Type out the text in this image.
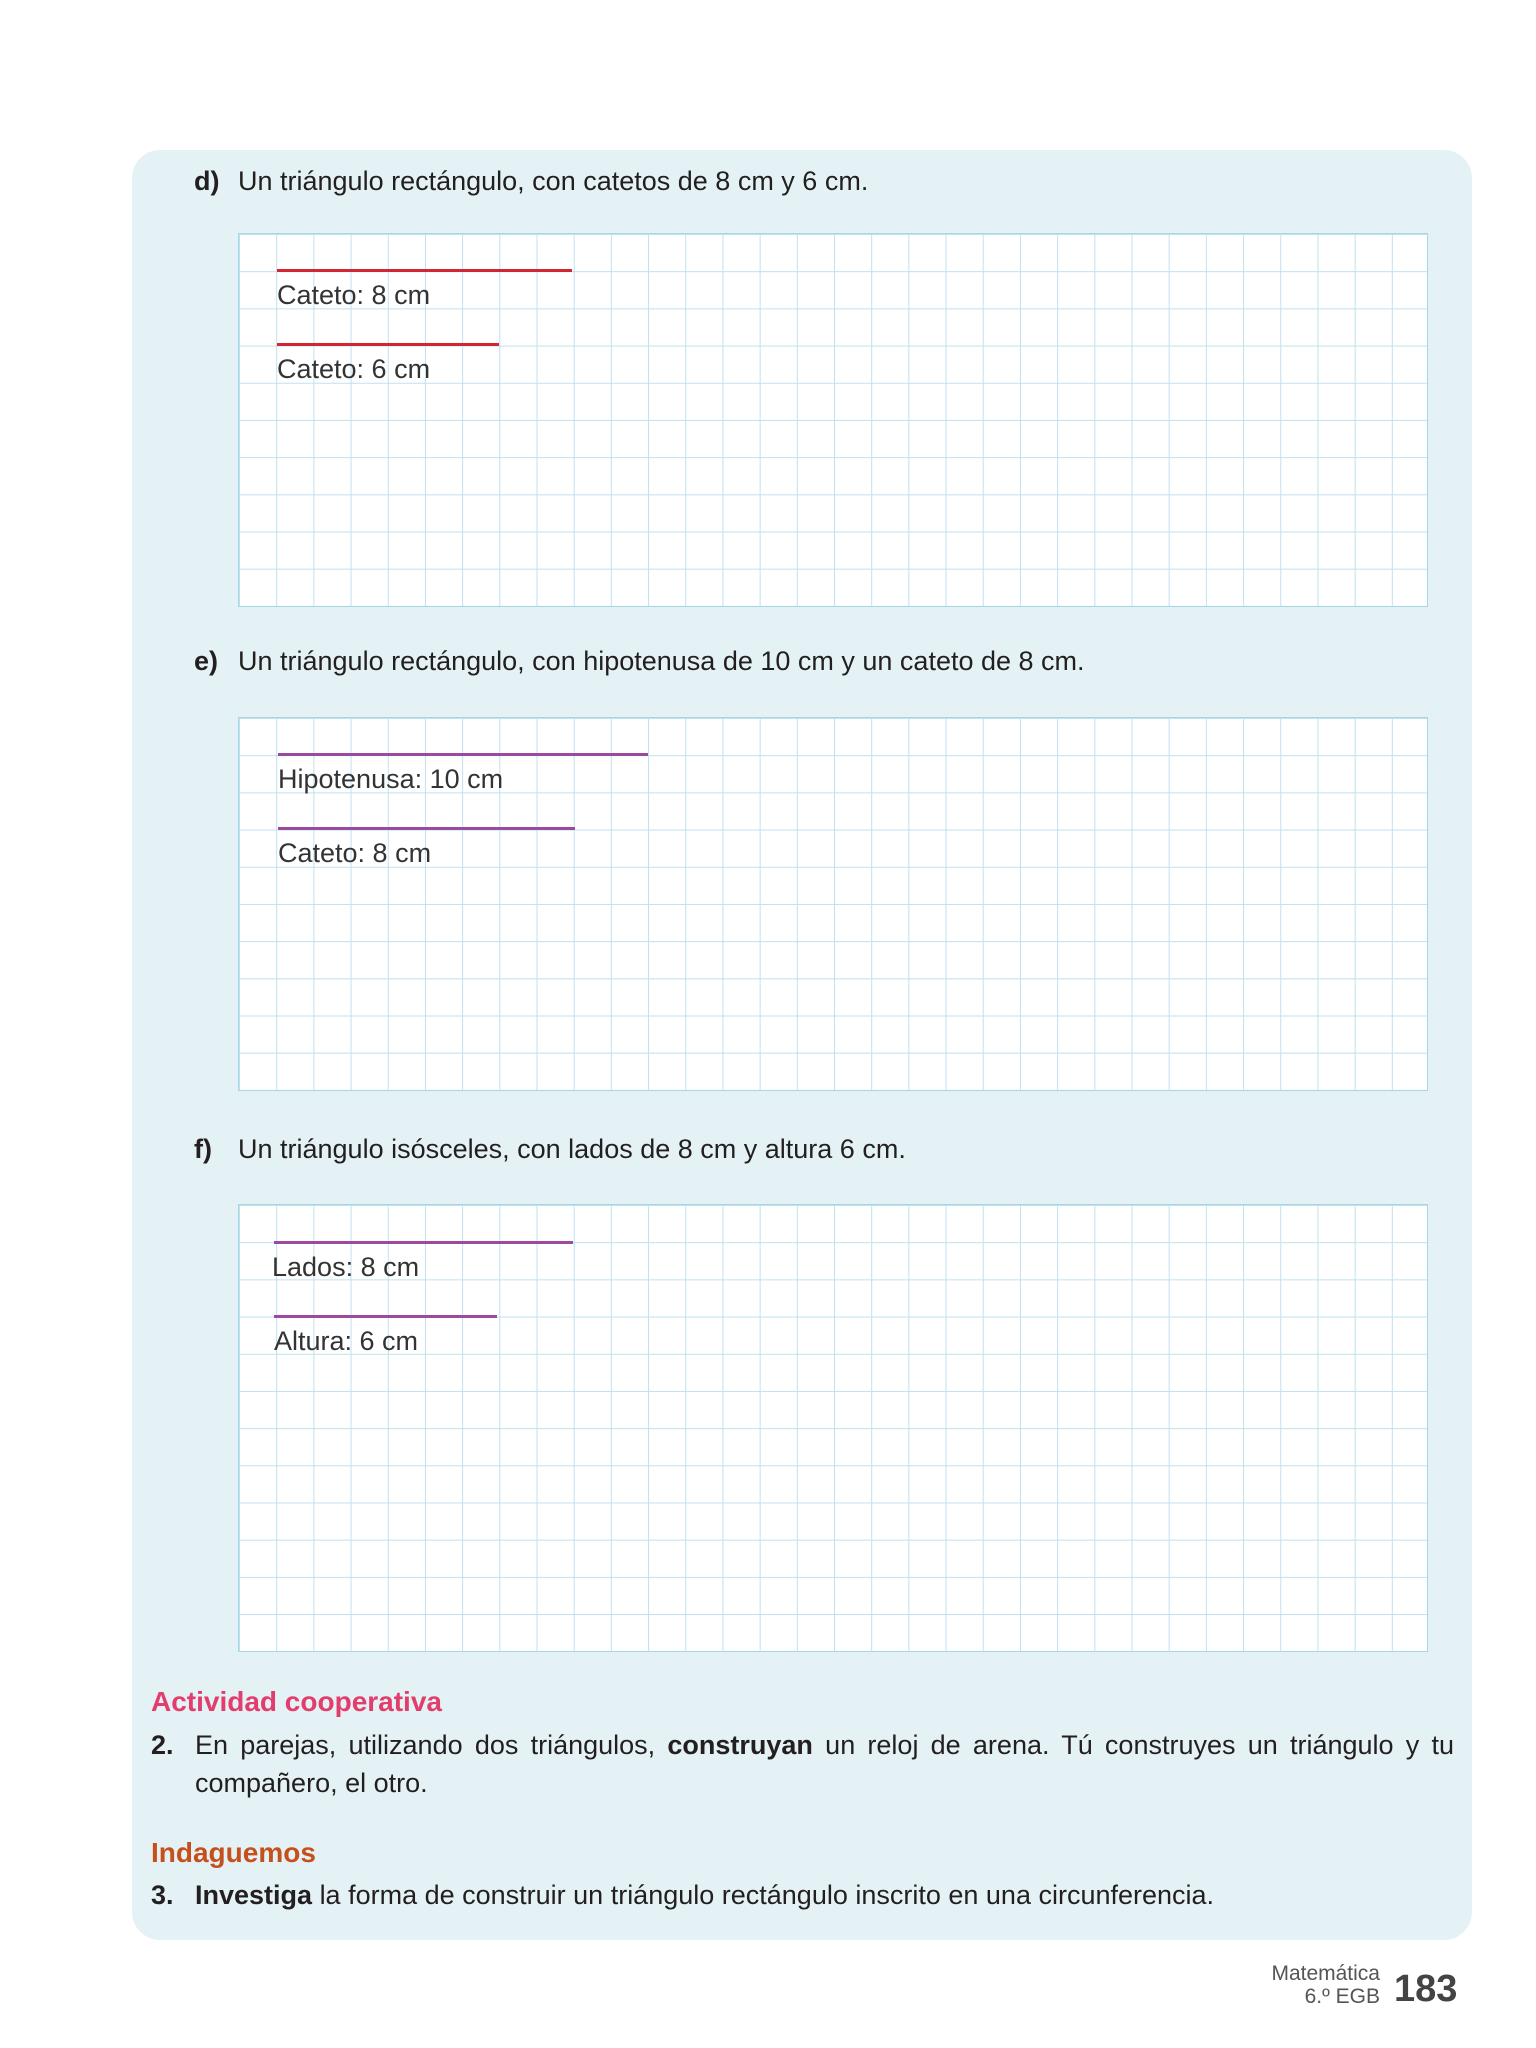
d) Un triángulo rectángulo, con catetos de 8 cm y 6 cm.
Cateto: 8 cm
Cateto: 6 cm
e) Un triángulo rectángulo, con hipotenusa de 10 cm y un cateto de 8 cm.
Hipotenusa: 10 cm
Cateto: 8 cm
f) Un triángulo isósceles, con lados de 8 cm y altura 6 cm.
Lados: 8 cm
Altura: 6 cm
Actividad cooperativa
2. En parejas, utilizando dos triángulos, construyan un reloj de arena. Tú construyes un triángulo y tu compañero, el otro.
Indaguemos
3. Investiga la forma de construir un triángulo rectángulo inscrito en una circunferencia.
Matemática
6.º EGB 183
